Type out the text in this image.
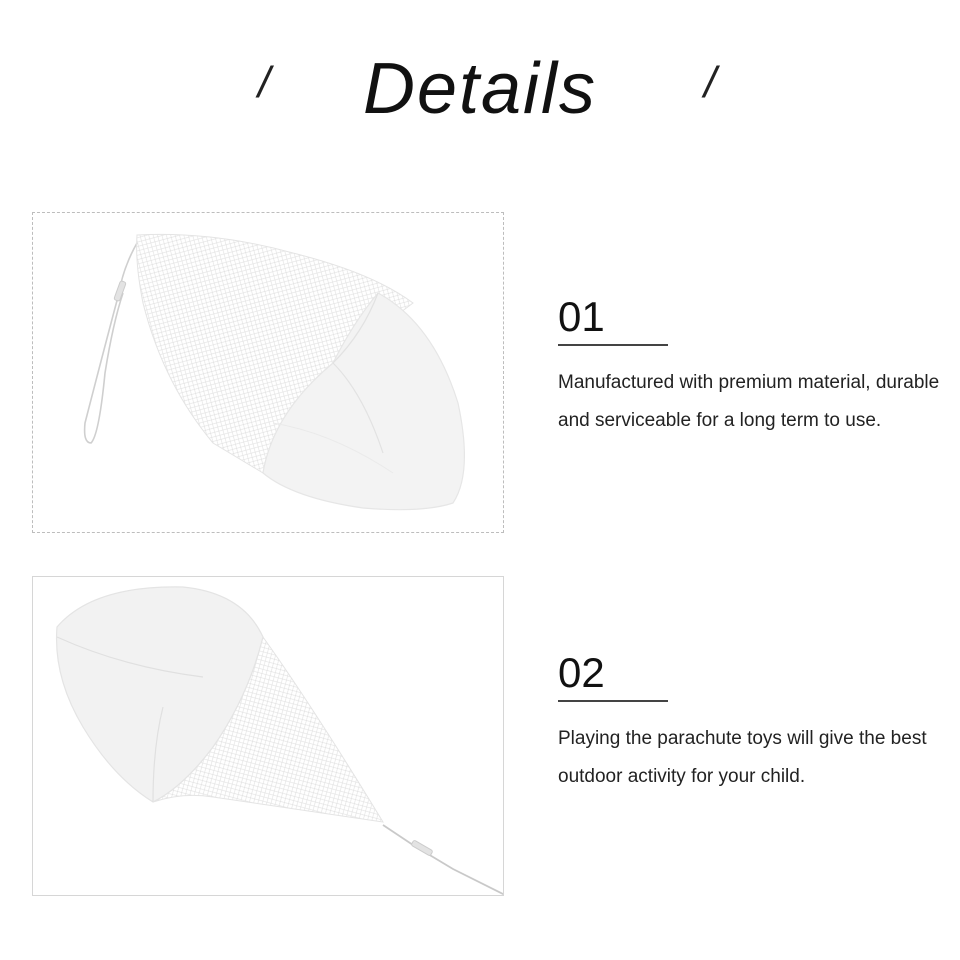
/	Details	/
01
Manufactured with premium material, durable and serviceable for a long term to use.
02
Playing the parachute toys will give the best outdoor activity for your child.
